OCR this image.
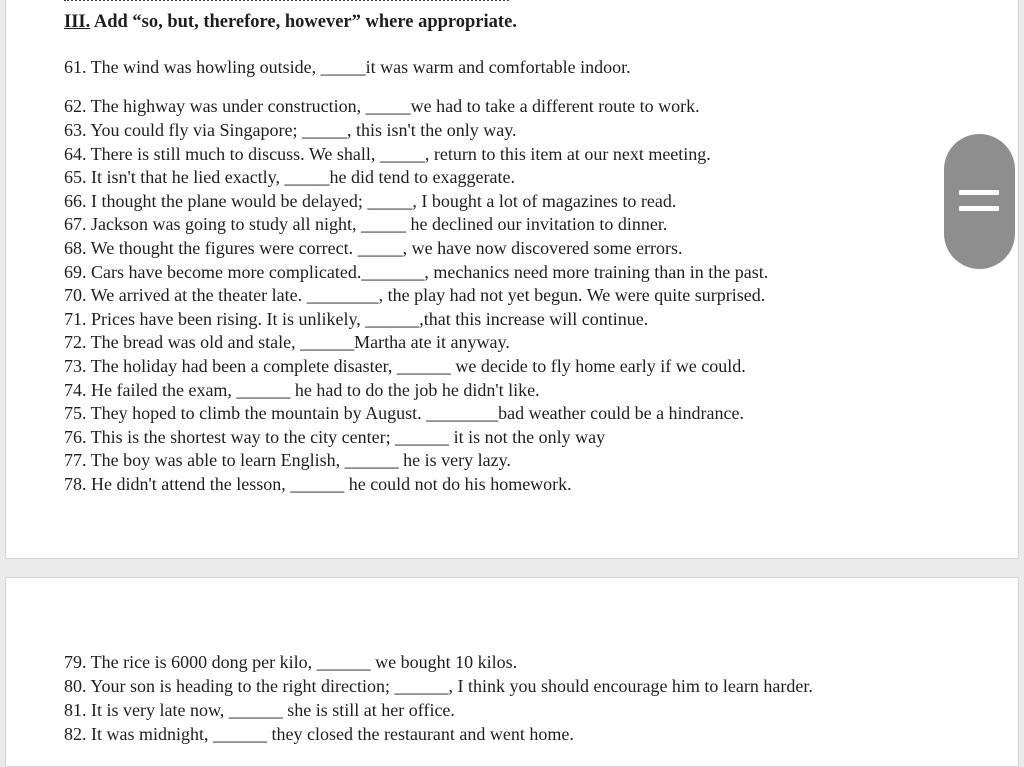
III. Add “so, but, therefore, however” where appropriate.
61. The wind was howling outside, _____it was warm and comfortable indoor.
62. The highway was under construction, _____we had to take a different route to work.
63. You could fly via Singapore; _____, this isn't the only way.
64. There is still much to discuss. We shall, _____, return to this item at our next meeting.
65. It isn't that he lied exactly, _____he did tend to exaggerate.
66. I thought the plane would be delayed; _____, I bought a lot of magazines to read.
67. Jackson was going to study all night, _____ he declined our invitation to dinner.
68. We thought the figures were correct. _____, we have now discovered some errors.
69. Cars have become more complicated._______, mechanics need more training than in the past.
70. We arrived at the theater late. ________, the play had not yet begun. We were quite surprised.
71. Prices have been rising. It is unlikely, ______,that this increase will continue.
72. The bread was old and stale, ______Martha ate it anyway.
73. The holiday had been a complete disaster, ______ we decide to fly home early if we could.
74. He failed the exam, ______ he had to do the job he didn't like.
75. They hoped to climb the mountain by August. ________bad weather could be a hindrance.
76. This is the shortest way to the city center; ______ it is not the only way
77. The boy was able to learn English, ______ he is very lazy.
78. He didn't attend the lesson, ______ he could not do his homework.
79. The rice is 6000 dong per kilo, ______ we bought 10 kilos.
80. Your son is heading to the right direction; ______, I think you should encourage him to learn harder.
81. It is very late now, ______ she is still at her office.
82. It was midnight, ______ they closed the restaurant and went home.
